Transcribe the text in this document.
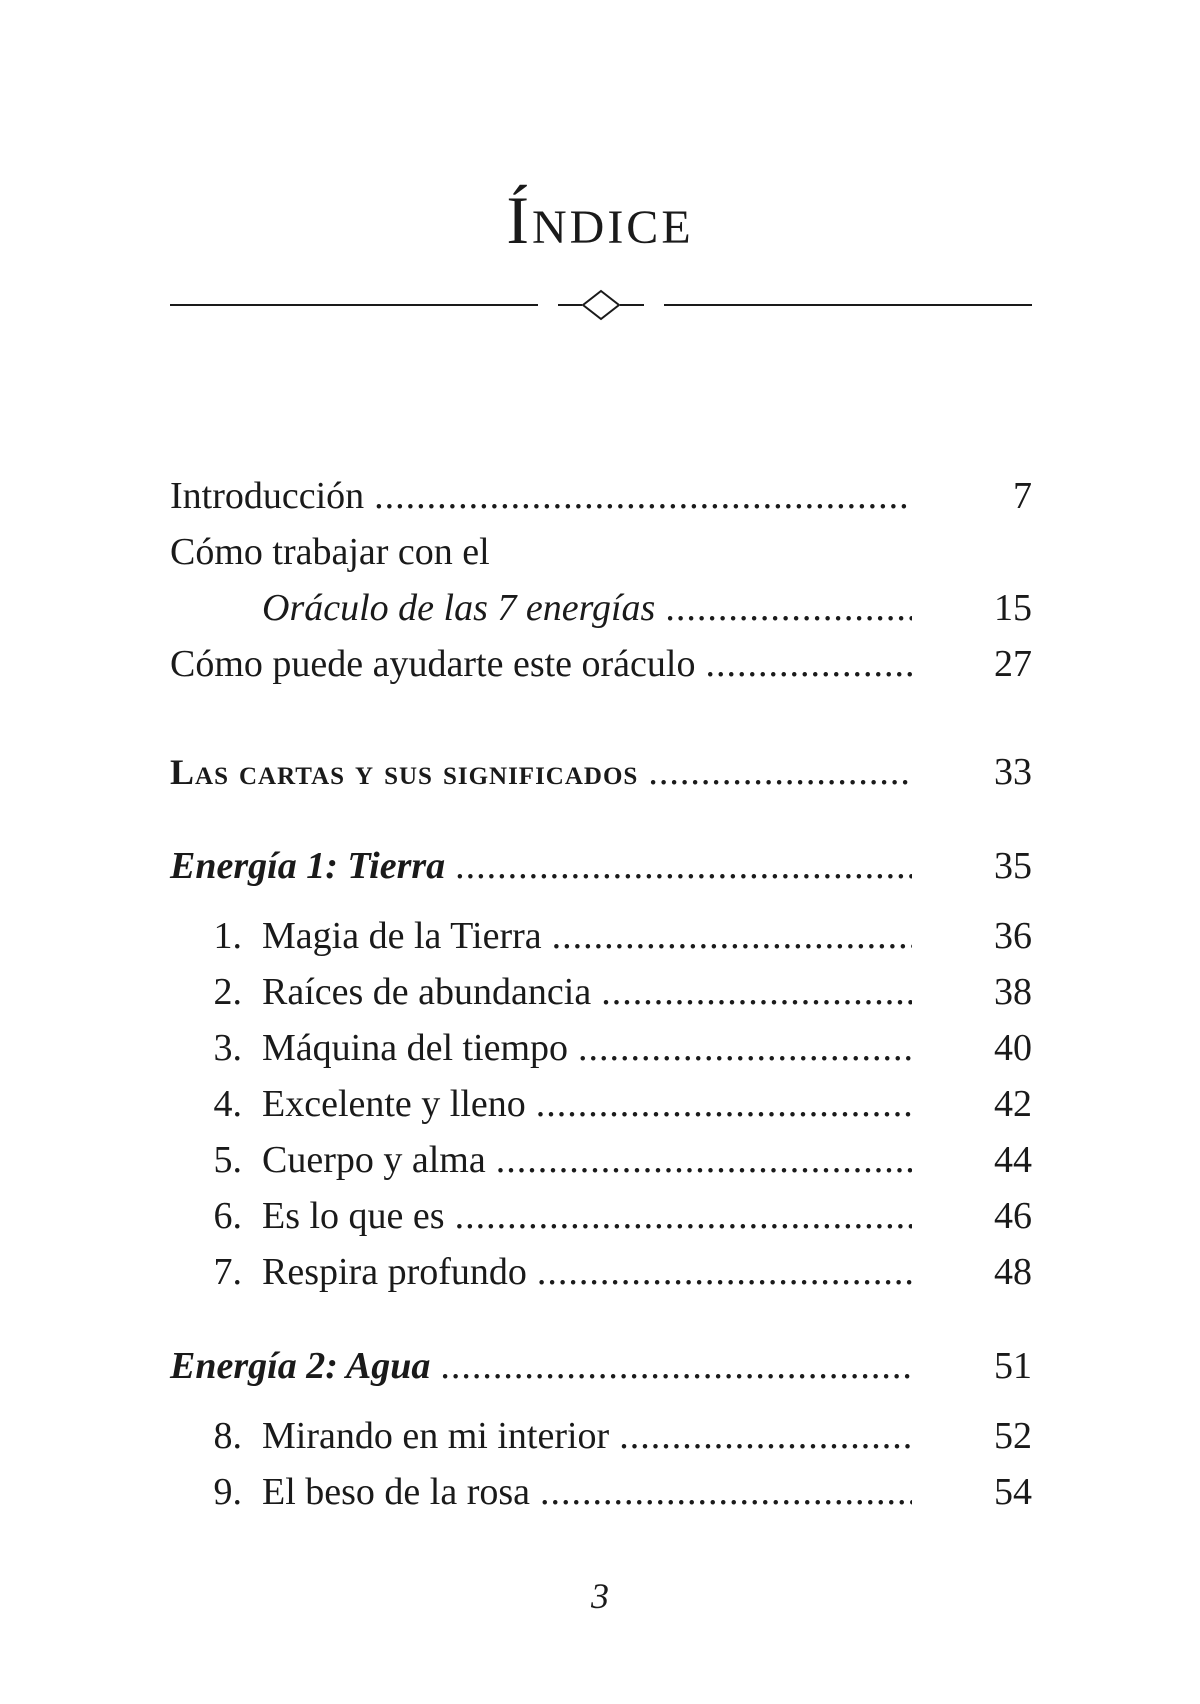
Índice
Introducción .....	7
Cómo trabajar con el
Oráculo de las 7 energías .....	15
Cómo puede ayudarte este oráculo .....	27
Las cartas y sus significados .....	33
Energía 1: Tierra .....	35
1. Magia de la Tierra .....	36
2. Raíces de abundancia .....	38
3. Máquina del tiempo .....	40
4. Excelente y lleno .....	42
5. Cuerpo y alma .....	44
6. Es lo que es .....	46
7. Respira profundo .....	48
Energía 2: Agua .....	51
8. Mirando en mi interior .....	52
9. El beso de la rosa .....	54
3
